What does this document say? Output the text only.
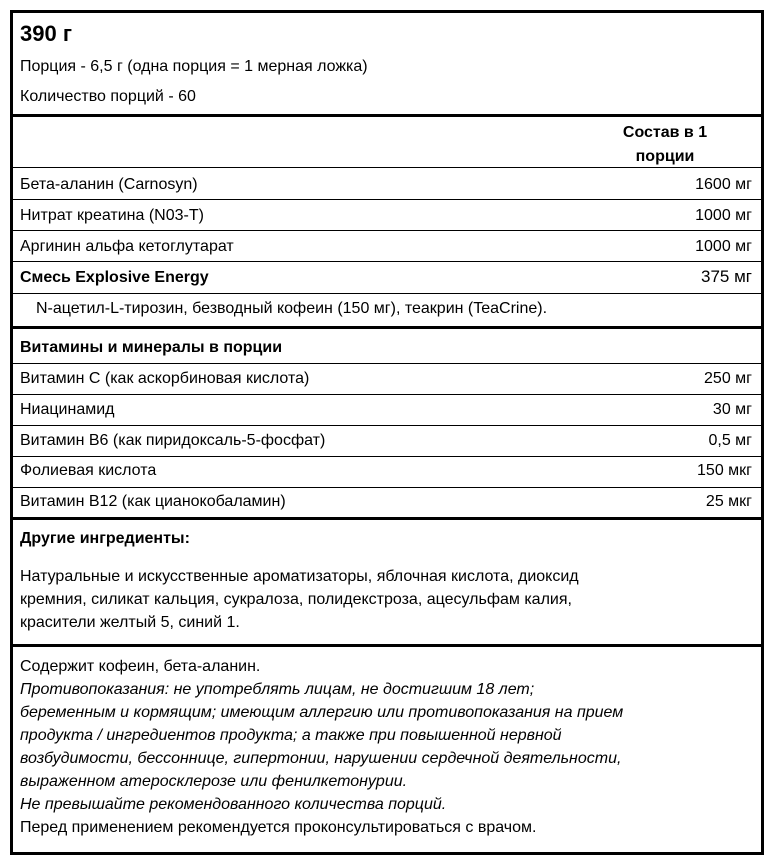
390 г
Порция - 6,5 г (одна порция = 1 мерная ложка)
Количество порций - 60
Состав в 1
порции
Бета-аланин (Carnosyn)	1600 мг
Нитрат креатина (N03-T)	1000 мг
Аргинин альфа кетоглутарат	1000 мг
Смесь Explosive Energy	375 мг
N-ацетил-L-тирозин, безводный кофеин (150 мг), теакрин (TeaCrine).
Витамины и минералы в порции
Витамин С (как аскорбиновая кислота)	250 мг
Ниацинамид	30 мг
Витамин В6 (как пиридоксаль-5-фосфат)	0,5 мг
Фолиевая кислота	150 мкг
Витамин В12 (как цианокобаламин)	25 мкг
Другие ингредиенты:
Натуральные и искусственные ароматизаторы, яблочная кислота, диоксид
кремния, силикат кальция, сукралоза, полидекстроза, ацесульфам калия,
красители желтый 5, синий 1.
Содержит кофеин, бета-аланин.
Противопоказания: не употреблять лицам, не достигшим 18 лет;
беременным и кормящим; имеющим аллергию или противопоказания на прием
продукта / ингредиентов продукта; а также при повышенной нервной
возбудимости, бессоннице, гипертонии, нарушении сердечной деятельности,
выраженном атеросклерозе или фенилкетонурии.
Не превышайте рекомендованного количества порций.
Перед применением рекомендуется проконсультироваться с врачом.
